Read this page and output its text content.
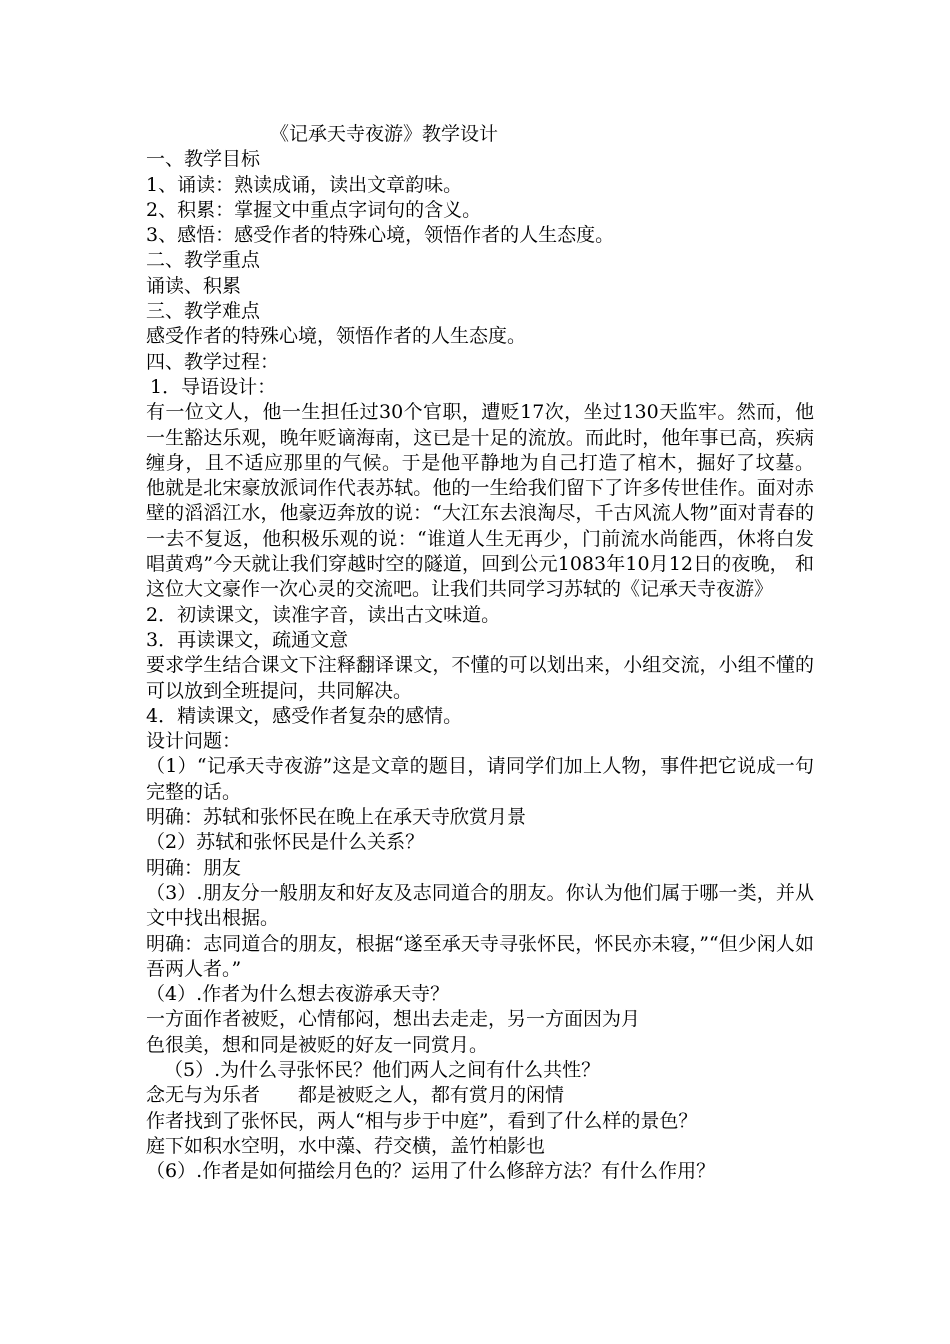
《记承天寺夜游》教学设计

一、教学目标

1、诵读：熟读成诵，读出文章韵味。

2、积累：掌握文中重点字词句的含义。

3、感悟：感受作者的特殊心境，领悟作者的人生态度。

二、教学重点

诵读、积累

三、教学难点

感受作者的特殊心境，领悟作者的人生态度。

四、教学过程：

1．导语设计：

有一位文人，他一生担任过30个官职，遭贬17次，坐过130天监牢。然而，他一生豁达乐观，晚年贬谪海南，这已是十足的流放。而此时，他年事已高，疾病缠身，且不适应那里的气候。于是他平静地为自己打造了棺木，掘好了坟墓。 他就是北宋豪放派词作代表苏轼。他的一生给我们留下了许多传世佳作。面对赤壁的滔滔江水，他豪迈奔放的说：“大江东去浪淘尽，千古风流人物”面对青春的一去不复返，他积极乐观的说：“谁道人生无再少，门前流水尚能西，休将白发唱黄鸡”今天就让我们穿越时空的隧道，回到公元1083年10月12日的夜晚， 和这位大文豪作一次心灵的交流吧。让我们共同学习苏轼的《记承天寺夜游》

2．初读课文，读准字音，读出古文味道。

3．再读课文，疏通文意

要求学生结合课文下注释翻译课文，不懂的可以划出来，小组交流，小组不懂的可以放到全班提问，共同解决。

4．精读课文，感受作者复杂的感情。

设计问题：

（1）“记承天寺夜游”这是文章的题目，请同学们加上人物，事件把它说成一句完整的话。

明确：苏轼和张怀民在晚上在承天寺欣赏月景

（2）苏轼和张怀民是什么关系？

明确：朋友

（3）.朋友分一般朋友和好友及志同道合的朋友。你认为他们属于哪一类，并从文中找出根据。

明确：志同道合的朋友，根据“遂至承天寺寻张怀民，怀民亦未寝，”“但少闲人如吾两人者。”

（4）.作者为什么想去夜游承天寺？

一方面作者被贬，心情郁闷，想出去走走，另一方面因为月

色很美，想和同是被贬的好友一同赏月。

（5）.为什么寻张怀民？他们两人之间有什么共性？

念无与为乐者　　都是被贬之人，都有赏月的闲情

作者找到了张怀民，两人“相与步于中庭”，看到了什么样的景色？

庭下如积水空明，水中藻、荇交横，盖竹柏影也

（6）.作者是如何描绘月色的？运用了什么修辞方法？有什么作用？
